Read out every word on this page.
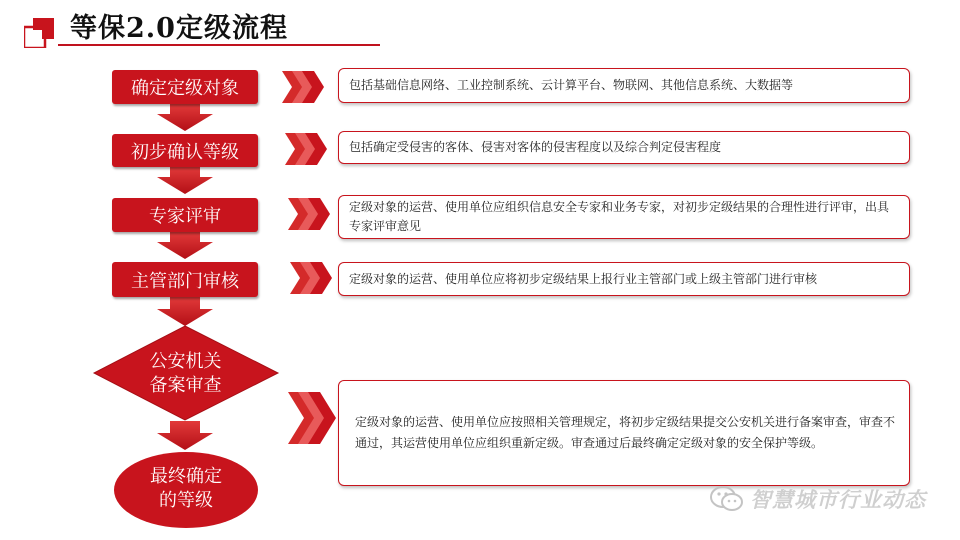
等保2.0定级流程
确定定级对象
初步确认等级
专家评审
主管部门审核
公安机关
备案审查
最终确定
的等级
包括基础信息网络、工业控制系统、云计算平台、物联网、其他信息系统、大数据等
包括确定受侵害的客体、侵害对客体的侵害程度以及综合判定侵害程度
定级对象的运营、使用单位应组织信息安全专家和业务专家，对初步定级结果的合理性进行评审，出具专家评审意见
定级对象的运营、使用单位应将初步定级结果上报行业主管部门或上级主管部门进行审核
定级对象的运营、使用单位应按照相关管理规定，将初步定级结果提交公安机关进行备案审查，审查不通过，其运营使用单位应组织重新定级。审查通过后最终确定定级对象的安全保护等级。
智慧城市行业动态
